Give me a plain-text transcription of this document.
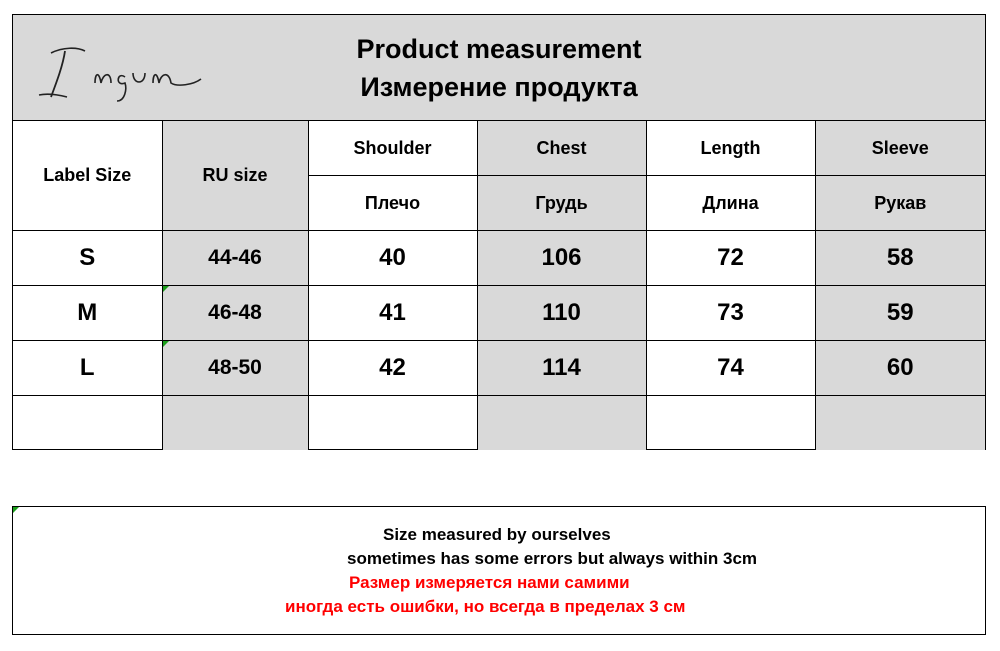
Product measurement
Измерение продукта
Label Size	RU size	Shoulder	Chest	Length	Sleeve
		Плечо	Грудь	Длина	Рукав
S	44-46	40	106	72	58
M	46-48	41	110	73	59
L	48-50	42	114	74	60

Size measured by ourselves
sometimes has some errors but always within 3cm
Размер измеряется нами самими
иногда есть ошибки, но всегда в пределах 3 см
